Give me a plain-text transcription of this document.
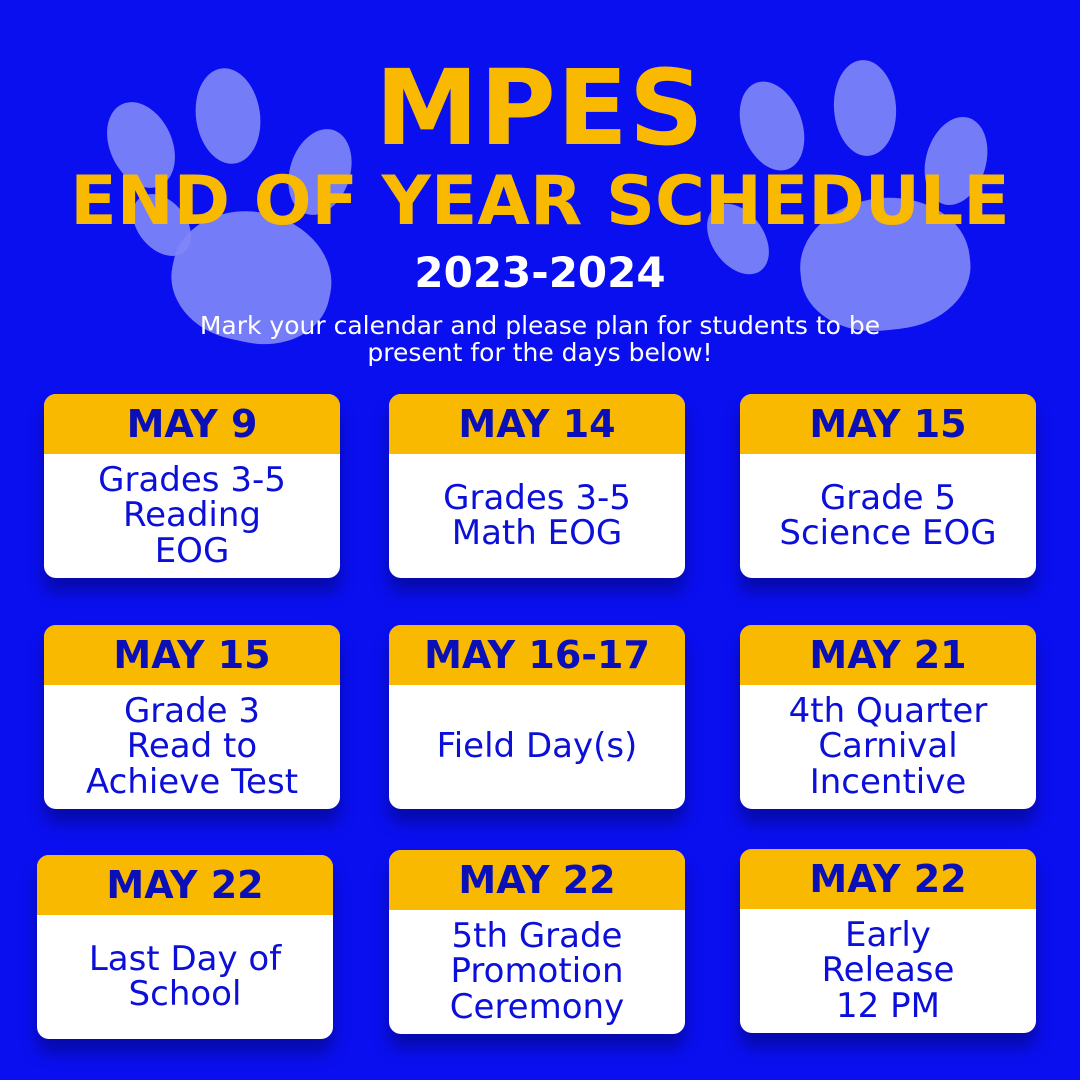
MPES
END OF YEAR SCHEDULE
2023-2024
Mark your calendar and please plan for students to be
present for the days below!
MAY 9
Grades 3-5
Reading
EOG
MAY 14
Grades 3-5
Math EOG
MAY 15
Grade 5
Science EOG
MAY 15
Grade 3
Read to
Achieve Test
MAY 16-17
Field Day(s)
MAY 21
4th Quarter
Carnival
Incentive
MAY 22
Last Day of
School
MAY 22
5th Grade
Promotion
Ceremony
MAY 22
Early
Release
12 PM
